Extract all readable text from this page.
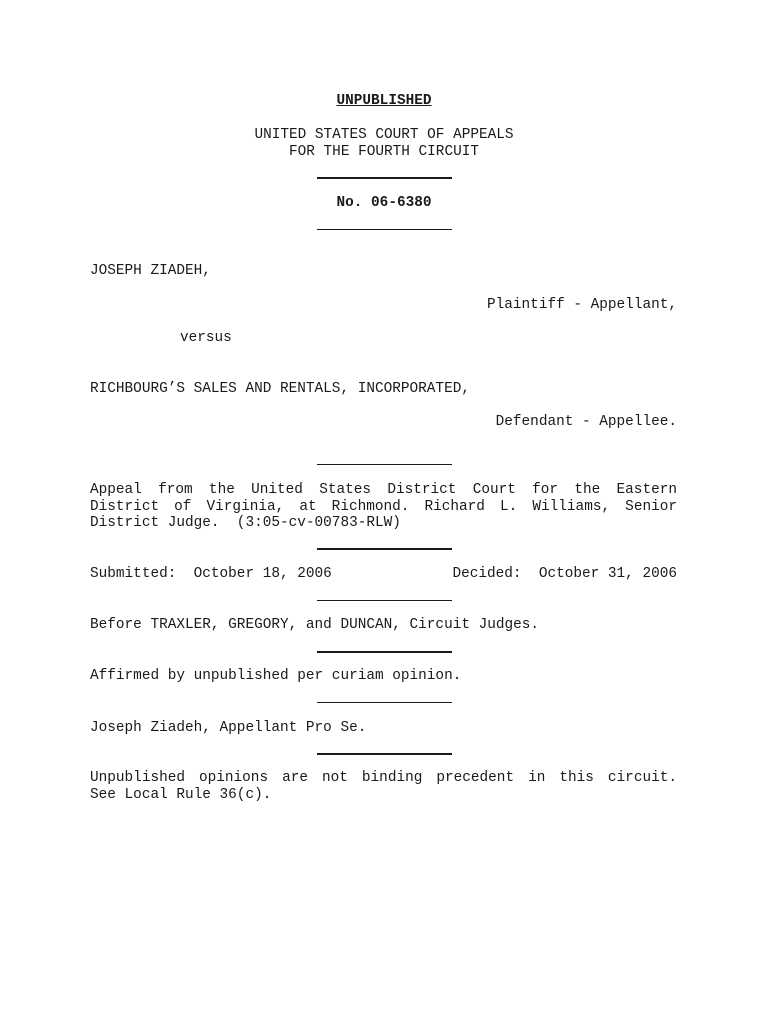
UNPUBLISHED
UNITED STATES COURT OF APPEALS
FOR THE FOURTH CIRCUIT
No. 06-6380
JOSEPH ZIADEH,
Plaintiff - Appellant,
versus
RICHBOURG’S SALES AND RENTALS, INCORPORATED,
Defendant - Appellee.
Appeal from the United States District Court for the Eastern
District of Virginia, at Richmond. Richard L. Williams, Senior
District Judge.  (3:05-cv-00783-RLW)
Submitted:  October 18, 2006	Decided:  October 31, 2006
Before TRAXLER, GREGORY, and DUNCAN, Circuit Judges.
Affirmed by unpublished per curiam opinion.
Joseph Ziadeh, Appellant Pro Se.
Unpublished opinions are not binding precedent in this circuit.
See Local Rule 36(c).
